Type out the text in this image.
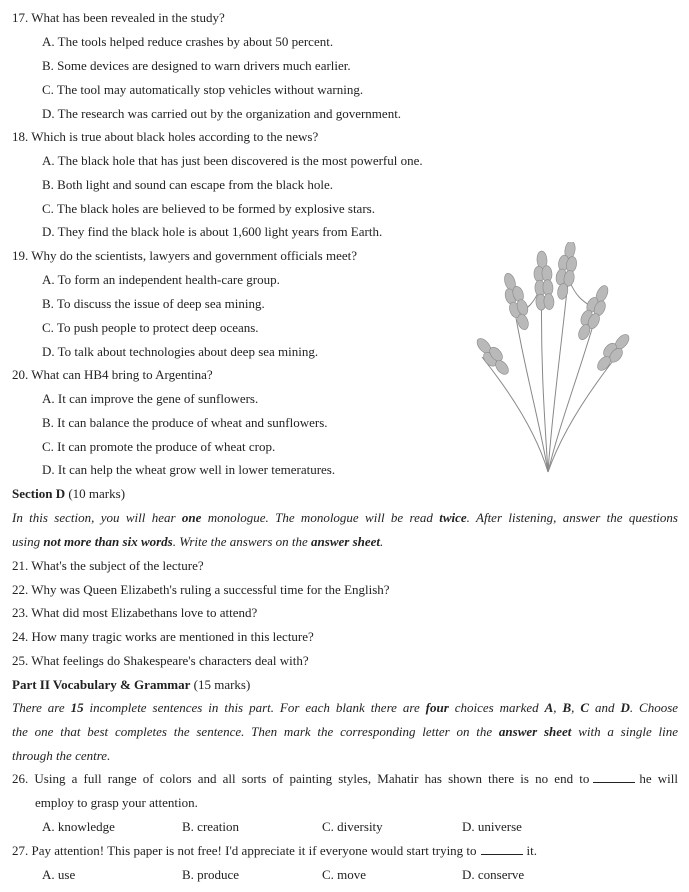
17. What has been revealed in the study?
A. The tools helped reduce crashes by about 50 percent.
B. Some devices are designed to warn drivers much earlier.
C. The tool may automatically stop vehicles without warning.
D. The research was carried out by the organization and government.
18. Which is true about black holes according to the news?
A. The black hole that has just been discovered is the most powerful one.
B. Both light and sound can escape from the black hole.
C. The black holes are believed to be formed by explosive stars.
D. They find the black hole is about 1,600 light years from Earth.
19. Why do the scientists, lawyers and government officials meet?
A. To form an independent health-care group.
B. To discuss the issue of deep sea mining.
C. To push people to protect deep oceans.
D. To talk about technologies about deep sea mining.
20. What can HB4 bring to Argentina?
A. It can improve the gene of sunflowers.
B. It can balance the produce of wheat and sunflowers.
C. It can promote the produce of wheat crop.
D. It can help the wheat grow well in lower temeratures.
Section D (10 marks)
In this section, you will hear one monologue. The monologue will be read twice. After listening, answer the questions
using not more than six words. Write the answers on the answer sheet.
21. What's the subject of the lecture?
22. Why was Queen Elizabeth's ruling a successful time for the English?
23. What did most Elizabethans love to attend?
24. How many tragic works are mentioned in this lecture?
25. What feelings do Shakespeare's characters deal with?
Part II Vocabulary & Grammar (15 marks)
There are 15 incomplete sentences in this part. For each blank there are four choices marked A, B, C and D. Choose
the one that best completes the sentence. Then mark the corresponding letter on the answer sheet with a single line
through the centre.
26. Using a full range of colors and all sorts of painting styles, Mahatir has shown there is no end to	he will
employ to grasp your attention.
A. knowledge	B. creation	C. diversity	D. universe
27. Pay attention! This paper is not free! I'd appreciate it if everyone would start trying to	it.
A. use	B. produce	C. move	D. conserve
